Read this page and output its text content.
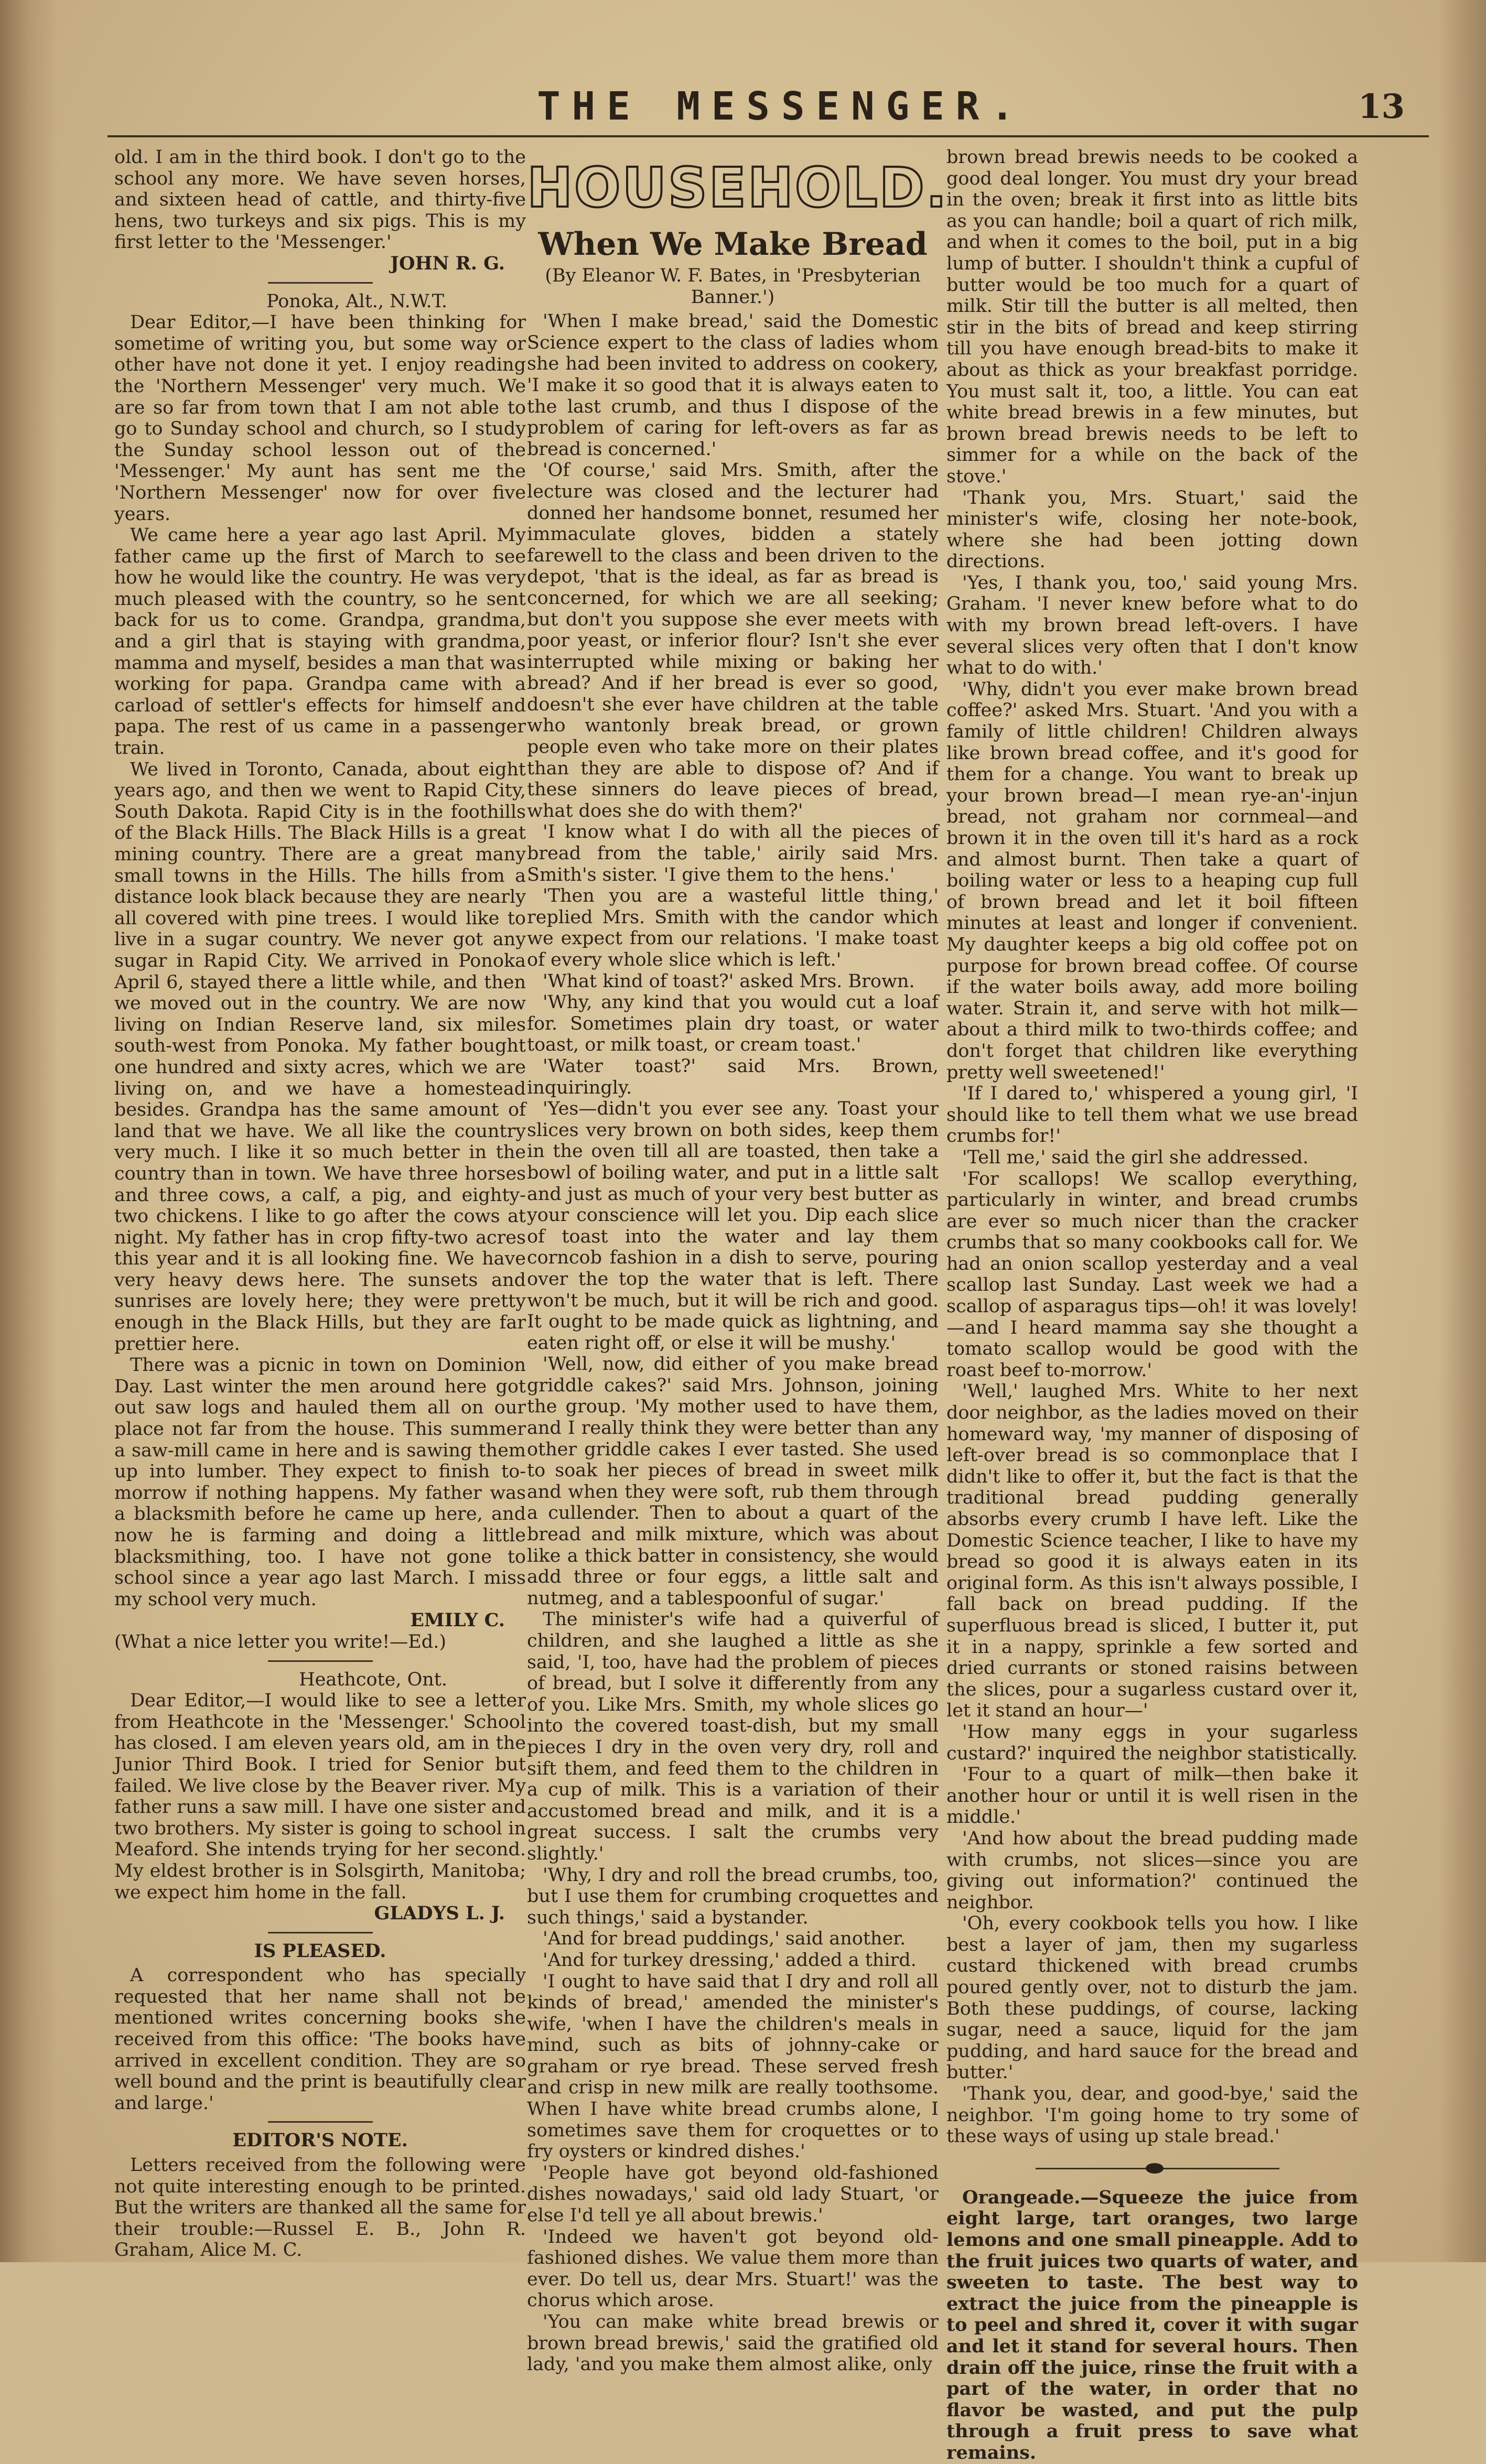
THE MESSENGER.	13

old. I am in the third book. I don't go to the school any more. We have seven horses, and sixteen head of cattle, and thirty-five hens, two turkeys and six pigs. This is my first letter to the 'Messenger.'

JOHN R. G.
Ponoka, Alt., N.W.T.

Dear Editor,—I have been thinking for sometime of writing you, but some way or other have not done it yet. I enjoy reading the 'Northern Messenger' very much. We are so far from town that I am not able to go to Sunday school and church, so I study the Sunday school lesson out of the 'Messenger.' My aunt has sent me the 'Northern Messenger' now for over five years.

We came here a year ago last April. My father came up the first of March to see how he would like the country. He was very much pleased with the country, so he sent back for us to come. Grandpa, grandma, and a girl that is staying with grandma, mamma and myself, besides a man that was working for papa. Grandpa came with a carload of settler's effects for himself and papa. The rest of us came in a passenger train.

We lived in Toronto, Canada, about eight years ago, and then we went to Rapid City, South Dakota. Rapid City is in the foothills of the Black Hills. The Black Hills is a great mining country. There are a great many small towns in the Hills. The hills from a distance look black because they are nearly all covered with pine trees. I would like to live in a sugar country. We never got any sugar in Rapid City. We arrived in Ponoka April 6, stayed there a little while, and then we moved out in the country. We are now living on Indian Reserve land, six miles south-west from Ponoka. My father bought one hundred and sixty acres, which we are living on, and we have a homestead besides. Grandpa has the same amount of land that we have. We all like the country very much. I like it so much better in the country than in town. We have three horses and three cows, a calf, a pig, and eighty-two chickens. I like to go after the cows at night. My father has in crop fifty-two acres this year and it is all looking fine. We have very heavy dews here. The sunsets and sunrises are lovely here; they were pretty enough in the Black Hills, but they are far prettier here.

There was a picnic in town on Dominion Day. Last winter the men around here got out saw logs and hauled them all on our place not far from the house. This summer a saw-mill came in here and is sawing them up into lumber. They expect to finish to-morrow if nothing happens. My father was a blacksmith before he came up here, and now he is farming and doing a little blacksmithing, too. I have not gone to school since a year ago last March. I miss my school very much.

EMILY C.

(What a nice letter you write!—Ed.)

Heathcote, Ont.

Dear Editor,—I would like to see a letter from Heathcote in the 'Messenger.' School has closed. I am eleven years old, am in the Junior Third Book. I tried for Senior but failed. We live close by the Beaver river. My father runs a saw mill. I have one sister and two brothers. My sister is going to school in Meaford. She intends trying for her second. My eldest brother is in Solsgirth, Manitoba; we expect him home in the fall.

GLADYS L. J.
IS PLEASED.

A correspondent who has specially requested that her name shall not be mentioned writes concerning books she received from this office: 'The books have arrived in excellent condition. They are so well bound and the print is beautifully clear and large.'

EDITOR'S NOTE.

Letters received from the following were not quite interesting enough to be printed. But the writers are thanked all the same for their trouble:—Russel E. B., John R. Graham, Alice M. C.

HOUSEHOLD.
When We Make Bread
(By Eleanor W. F. Bates, in 'Presbyterian Banner.')

'When I make bread,' said the Domestic Science expert to the class of ladies whom she had been invited to address on cookery, 'I make it so good that it is always eaten to the last crumb, and thus I dispose of the problem of caring for left-overs as far as bread is concerned.'

'Of course,' said Mrs. Smith, after the lecture was closed and the lecturer had donned her handsome bonnet, resumed her immaculate gloves, bidden a stately farewell to the class and been driven to the depot, 'that is the ideal, as far as bread is concerned, for which we are all seeking; but don't you suppose she ever meets with poor yeast, or inferior flour? Isn't she ever interrupted while mixing or baking her bread? And if her bread is ever so good, doesn't she ever have children at the table who wantonly break bread, or grown people even who take more on their plates than they are able to dispose of? And if these sinners do leave pieces of bread, what does she do with them?'

'I know what I do with all the pieces of bread from the table,' airily said Mrs. Smith's sister. 'I give them to the hens.'

'Then you are a wasteful little thing,' replied Mrs. Smith with the candor which we expect from our relations. 'I make toast of every whole slice which is left.'

'What kind of toast?' asked Mrs. Brown.

'Why, any kind that you would cut a loaf for. Sometimes plain dry toast, or water toast, or milk toast, or cream toast.'

'Water toast?' said Mrs. Brown, inquiringly.

'Yes—didn't you ever see any. Toast your slices very brown on both sides, keep them in the oven till all are toasted, then take a bowl of boiling water, and put in a little salt and just as much of your very best butter as your conscience will let you. Dip each slice of toast into the water and lay them corncob fashion in a dish to serve, pouring over the top the water that is left. There won't be much, but it will be rich and good. It ought to be made quick as lightning, and eaten right off, or else it will be mushy.'

'Well, now, did either of you make bread griddle cakes?' said Mrs. Johnson, joining the group. 'My mother used to have them, and I really think they were better than any other griddle cakes I ever tasted. She used to soak her pieces of bread in sweet milk and when they were soft, rub them through a cullender. Then to about a quart of the bread and milk mixture, which was about like a thick batter in consistency, she would add three or four eggs, a little salt and nutmeg, and a tablespoonful of sugar.'

The minister's wife had a quiverful of children, and she laughed a little as she said, 'I, too, have had the problem of pieces of bread, but I solve it differently from any of you. Like Mrs. Smith, my whole slices go into the covered toast-dish, but my small pieces I dry in the oven very dry, roll and sift them, and feed them to the children in a cup of milk. This is a variation of their accustomed bread and milk, and it is a great success. I salt the crumbs very slightly.'

'Why, I dry and roll the bread crumbs, too, but I use them for crumbing croquettes and such things,' said a bystander.

'And for bread puddings,' said another.

'And for turkey dressing,' added a third.

'I ought to have said that I dry and roll all kinds of bread,' amended the minister's wife, 'when I have the children's meals in mind, such as bits of johnny-cake or graham or rye bread. These served fresh and crisp in new milk are really toothsome. When I have white bread crumbs alone, I sometimes save them for croquettes or to fry oysters or kindred dishes.'

'People have got beyond old-fashioned dishes nowadays,' said old lady Stuart, 'or else I'd tell ye all about brewis.'

'Indeed we haven't got beyond old-fashioned dishes. We value them more than ever. Do tell us, dear Mrs. Stuart!' was the chorus which arose.

'You can make white bread brewis or brown bread brewis,' said the gratified old lady, 'and you make them almost alike, only

brown bread brewis needs to be cooked a good deal longer. You must dry your bread in the oven; break it first into as little bits as you can handle; boil a quart of rich milk, and when it comes to the boil, put in a big lump of butter. I shouldn't think a cupful of butter would be too much for a quart of milk. Stir till the butter is all melted, then stir in the bits of bread and keep stirring till you have enough bread-bits to make it about as thick as your breakfast porridge. You must salt it, too, a little. You can eat white bread brewis in a few minutes, but brown bread brewis needs to be left to simmer for a while on the back of the stove.'

'Thank you, Mrs. Stuart,' said the minister's wife, closing her note-book, where she had been jotting down directions.

'Yes, I thank you, too,' said young Mrs. Graham. 'I never knew before what to do with my brown bread left-overs. I have several slices very often that I don't know what to do with.'

'Why, didn't you ever make brown bread coffee?' asked Mrs. Stuart. 'And you with a family of little children! Children always like brown bread coffee, and it's good for them for a change. You want to break up your brown bread—I mean rye-an'-injun bread, not graham nor cornmeal—and brown it in the oven till it's hard as a rock and almost burnt. Then take a quart of boiling water or less to a heaping cup full of brown bread and let it boil fifteen minutes at least and longer if convenient. My daughter keeps a big old coffee pot on purpose for brown bread coffee. Of course if the water boils away, add more boiling water. Strain it, and serve with hot milk—about a third milk to two-thirds coffee; and don't forget that children like everything pretty well sweetened!'

'If I dared to,' whispered a young girl, 'I should like to tell them what we use bread crumbs for!'

'Tell me,' said the girl she addressed.

'For scallops! We scallop everything, particularly in winter, and bread crumbs are ever so much nicer than the cracker crumbs that so many cookbooks call for. We had an onion scallop yesterday and a veal scallop last Sunday. Last week we had a scallop of asparagus tips—oh! it was lovely!—and I heard mamma say she thought a tomato scallop would be good with the roast beef to-morrow.'

'Well,' laughed Mrs. White to her next door neighbor, as the ladies moved on their homeward way, 'my manner of disposing of left-over bread is so commonplace that I didn't like to offer it, but the fact is that the traditional bread pudding generally absorbs every crumb I have left. Like the Domestic Science teacher, I like to have my bread so good it is always eaten in its original form. As this isn't always possible, I fall back on bread pudding. If the superfluous bread is sliced, I butter it, put it in a nappy, sprinkle a few sorted and dried currants or stoned raisins between the slices, pour a sugarless custard over it, let it stand an hour—'

'How many eggs in your sugarless custard?' inquired the neighbor statistically.

'Four to a quart of milk—then bake it another hour or until it is well risen in the middle.'

'And how about the bread pudding made with crumbs, not slices—since you are giving out information?' continued the neighbor.

'Oh, every cookbook tells you how. I like best a layer of jam, then my sugarless custard thickened with bread crumbs poured gently over, not to disturb the jam. Both these puddings, of course, lacking sugar, need a sauce, liquid for the jam pudding, and hard sauce for the bread and butter.'

'Thank you, dear, and good-bye,' said the neighbor. 'I'm going home to try some of these ways of using up stale bread.'

Orangeade.—Squeeze the juice from eight large, tart oranges, two large lemons and one small pineapple. Add to the fruit juices two quarts of water, and sweeten to taste. The best way to extract the juice from the pineapple is to peel and shred it, cover it with sugar and let it stand for several hours. Then drain off the juice, rinse the fruit with a part of the water, in order that no flavor be wasted, and put the pulp through a fruit press to save what remains.
